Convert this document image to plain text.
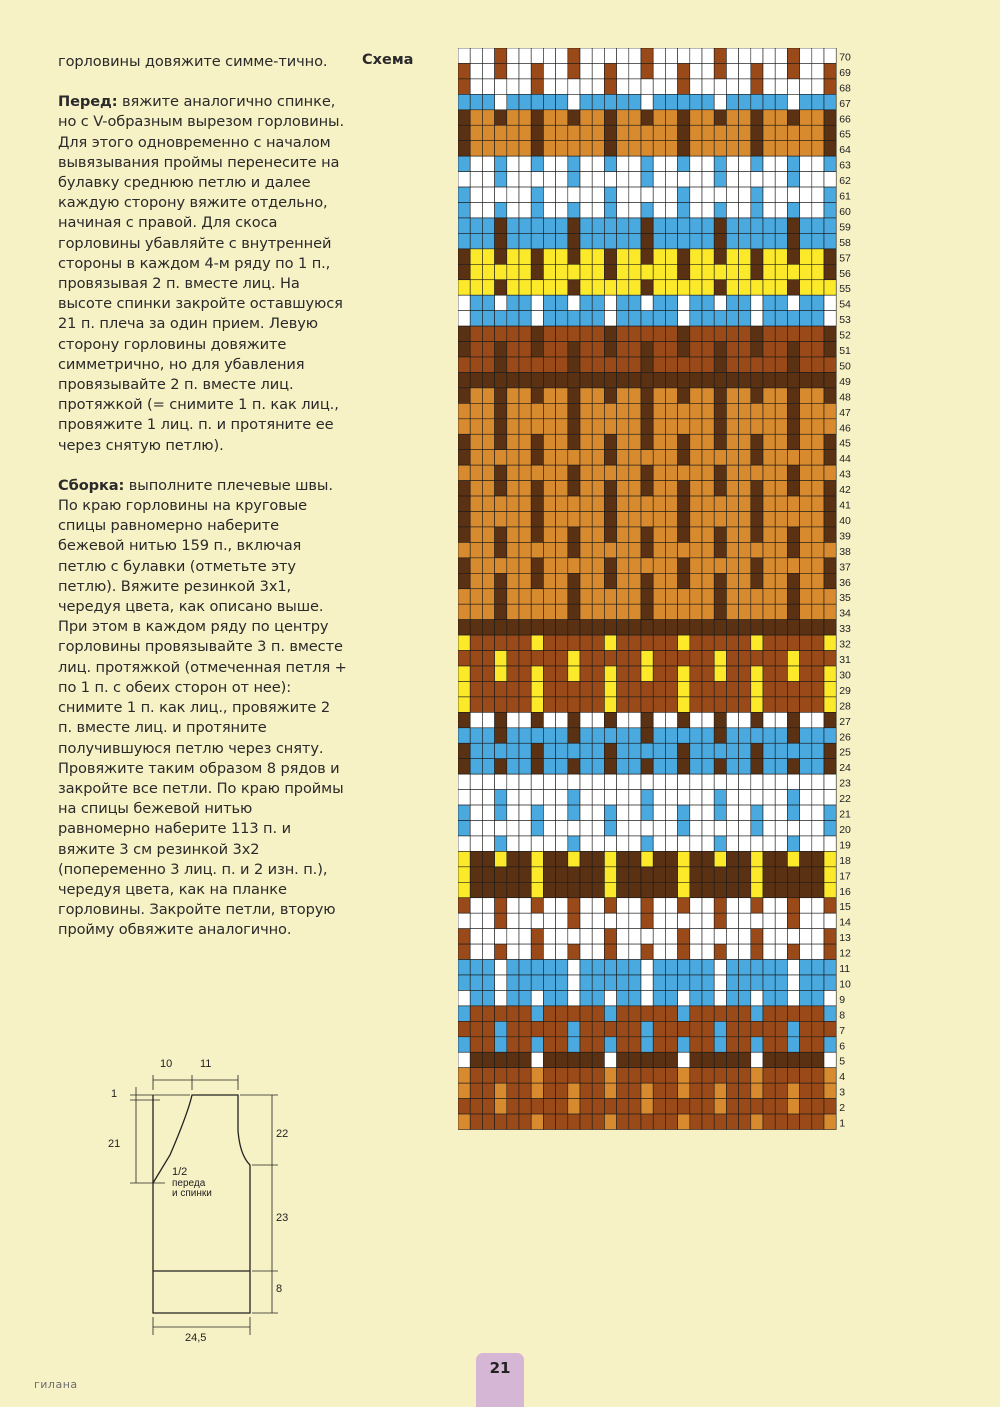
горловины довяжите симме-тично.

Перед: вяжите аналогично спинке, но с V-образным вырезом горловины. Для этого одновременно с началом вывязывания проймы перенесите на булавку среднюю петлю и далее каждую сторону вяжите отдельно, начиная с правой. Для скоса горловины убавляйте с внутренней стороны в каждом 4-м ряду по 1 п., провязывая 2 п. вместе лиц. На высоте спинки закройте оставшуюся 21 п. плеча за один прием. Левую сторону горловины довяжите симметрично, но для убавления провязывайте 2 п. вместе лиц. протяжкой (= снимите 1 п. как лиц., провяжите 1 лиц. п. и протяните ее через снятую петлю).

Сборка: выполните плечевые швы. По краю горловины на круговые спицы равномерно наберите бежевой нитью 159 п., включая петлю с булавки (отметьте эту петлю). Вяжите резинкой 3х1, чередуя цвета, как описано выше. При этом в каждом ряду по центру горловины провязывайте 3 п. вместе лиц. протяжкой (отмеченная петля + по 1 п. с обеих сторон от нее): снимите 1 п. как лиц., провяжите 2 п. вместе лиц. и протяните получившуюся петлю через сняту. Провяжите таким образом 8 рядов и закройте все петли. По краю проймы на спицы бежевой нитью равномерно наберите 113 п. и вяжите 3 см резинкой 3х2 (попеременно 3 лиц. п. и 2 изн. п.), чередуя цвета, как на планке горловины. Закройте петли, вторую пройму обвяжите аналогично.

Схема	70
69
68
67
66
65
64
63
62
61
60
59
58
57
56
55
54
53
52
51
50
49
48
47
46
45
44
43
42
41
40
39
38
37
36
35
34
33
32
31
30
29
28
27
26
25
24
23
22
21
20
19
18
17
16
15
14
13
12
11
10
9
8
7
6
5
4
3
2
1
10	11
1
21
22
23
8
24,5
1/2
переда
и спинки
21
гилана
